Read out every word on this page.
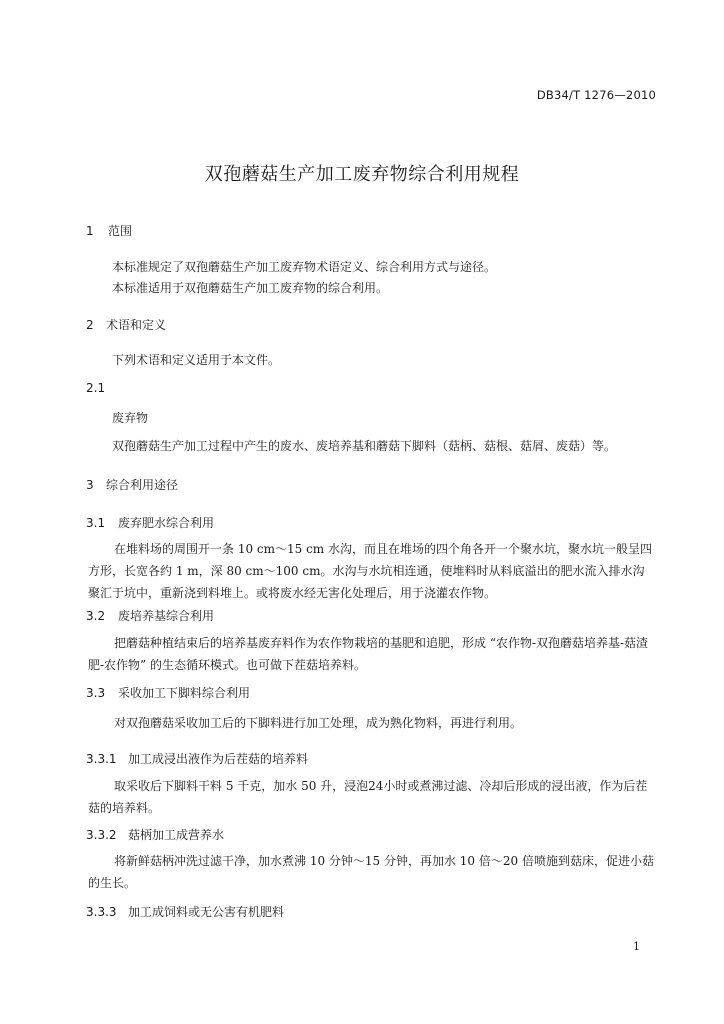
DB34/T 1276—2010
双孢蘑菇生产加工废弃物综合利用规程
1 范围
本标准规定了双孢蘑菇生产加工废弃物术语定义、综合利用方式与途径。
本标准适用于双孢蘑菇生产加工废弃物的综合利用。
2 术语和定义
下列术语和定义适用于本文件。
2.1
废弃物
双孢蘑菇生产加工过程中产生的废水、废培养基和蘑菇下脚料（菇柄、菇根、菇屑、废菇）等。
3 综合利用途径
3.1 废弃肥水综合利用
在堆料场的周围开一条 10 cm～15 cm 水沟，而且在堆场的四个角各开一个聚水坑，聚水坑一般呈四方形，长宽各约 1 m，深 80 cm～100 cm。水沟与水坑相连通，使堆料时从料底溢出的肥水流入排水沟聚汇于坑中，重新浇到料堆上。或将废水经无害化处理后，用于浇灌农作物。
3.2 废培养基综合利用
把蘑菇种植结束后的培养基废弃料作为农作物栽培的基肥和追肥，形成 “农作物-双孢蘑菇培养基-菇渣肥-农作物” 的生态循环模式。也可做下茬菇培养料。
3.3 采收加工下脚料综合利用
对双孢蘑菇采收加工后的下脚料进行加工处理，成为熟化物料，再进行利用。
3.3.1 加工成浸出液作为后茬菇的培养料
取采收后下脚料干料 5 千克，加水 50 升，浸泡24小时或煮沸过滤、冷却后形成的浸出液，作为后茬菇的培养料。
3.3.2 菇柄加工成营养水
将新鲜菇柄冲洗过滤干净，加水煮沸 10 分钟～15 分钟，再加水 10 倍～20 倍喷施到菇床，促进小菇的生长。
3.3.3 加工成饲料或无公害有机肥料
1
